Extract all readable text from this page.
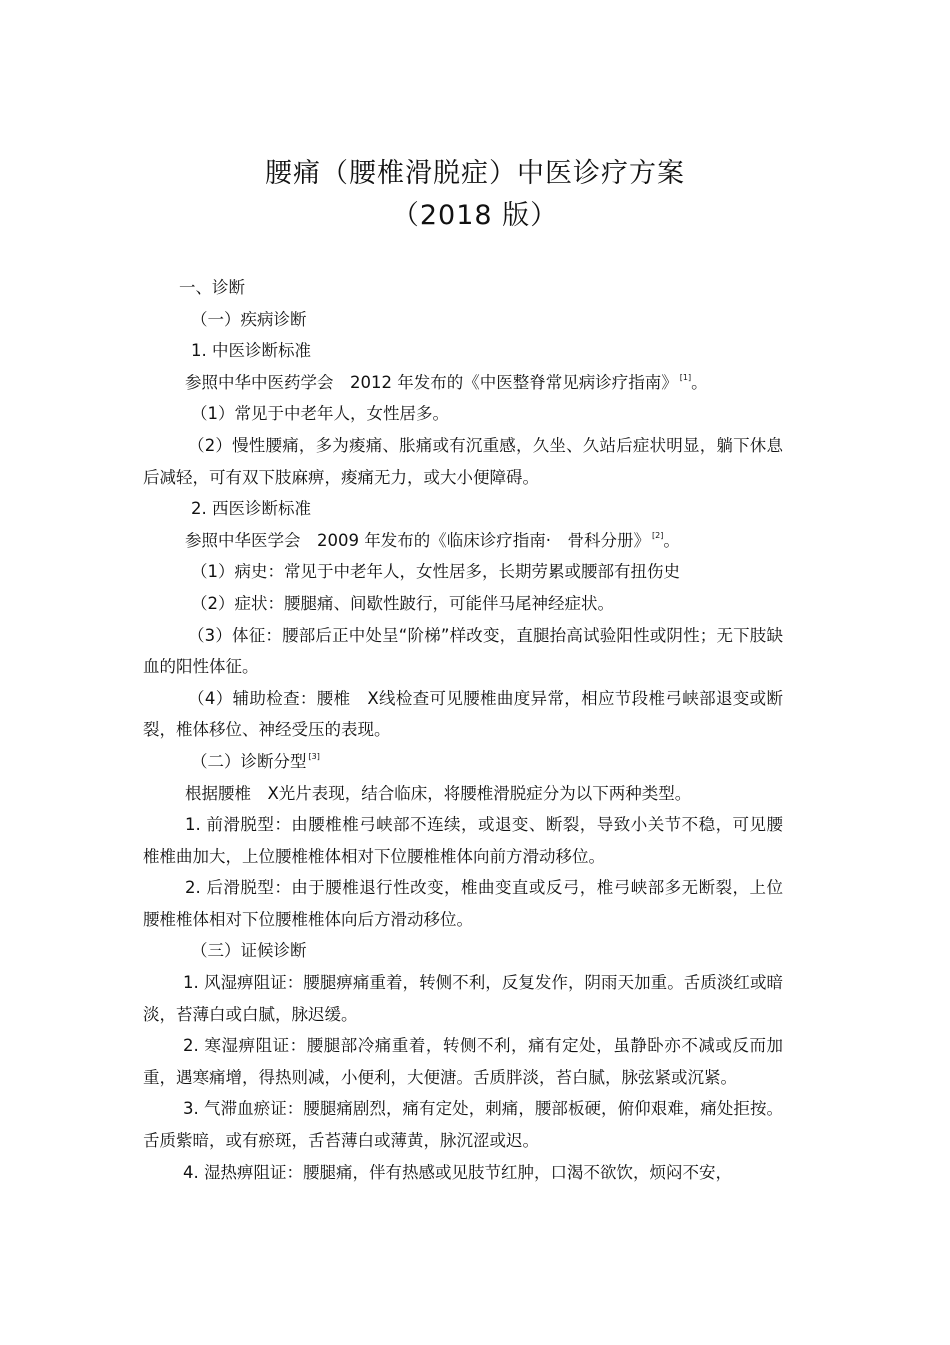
腰痛（腰椎滑脱症）中医诊疗方案
（2018 版）

一、诊断

（一）疾病诊断

1. 中医诊断标准

参照中华中医药学会　2012 年发布的《中医整脊常见病诊疗指南》 [1]。

（1）常见于中老年人，女性居多。

（2）慢性腰痛，多为痠痛、胀痛或有沉重感，久坐、久站后症状明显，躺下休息后减轻，可有双下肢麻痹，痠痛无力，或大小便障碍。

2. 西医诊断标准

参照中华医学会　2009 年发布的《临床诊疗指南·　骨科分册》 [2]。

（1）病史：常见于中老年人，女性居多，长期劳累或腰部有扭伤史

（2）症状：腰腿痛、间歇性跛行，可能伴马尾神经症状。

（3）体征：腰部后正中处呈“阶梯”样改变，直腿抬高试验阳性或阴性；无下肢缺血的阳性体征。

（4）辅助检查：腰椎　X线检查可见腰椎曲度异常，相应节段椎弓峡部退变或断裂，椎体移位、神经受压的表现。

（二）诊断分型 [3]

根据腰椎　X光片表现，结合临床，将腰椎滑脱症分为以下两种类型。

1. 前滑脱型：由腰椎椎弓峡部不连续，或退变、断裂，导致小关节不稳，可见腰椎椎曲加大，上位腰椎椎体相对下位腰椎椎体向前方滑动移位。

2. 后滑脱型：由于腰椎退行性改变，椎曲变直或反弓，椎弓峡部多无断裂，上位腰椎椎体相对下位腰椎椎体向后方滑动移位。

（三）证候诊断

1. 风湿痹阻证：腰腿痹痛重着，转侧不利，反复发作，阴雨天加重。舌质淡红或暗淡，苔薄白或白腻，脉迟缓。

2. 寒湿痹阻证：腰腿部冷痛重着，转侧不利，痛有定处，虽静卧亦不减或反而加重，遇寒痛增，得热则减，小便利，大便溏。舌质胖淡，苔白腻，脉弦紧或沉紧。

3. 气滞血瘀证：腰腿痛剧烈，痛有定处，刺痛，腰部板硬，俯仰艰难，痛处拒按。舌质紫暗，或有瘀斑，舌苔薄白或薄黄，脉沉涩或迟。

4. 湿热痹阻证：腰腿痛，伴有热感或见肢节红肿，口渴不欲饮，烦闷不安，
